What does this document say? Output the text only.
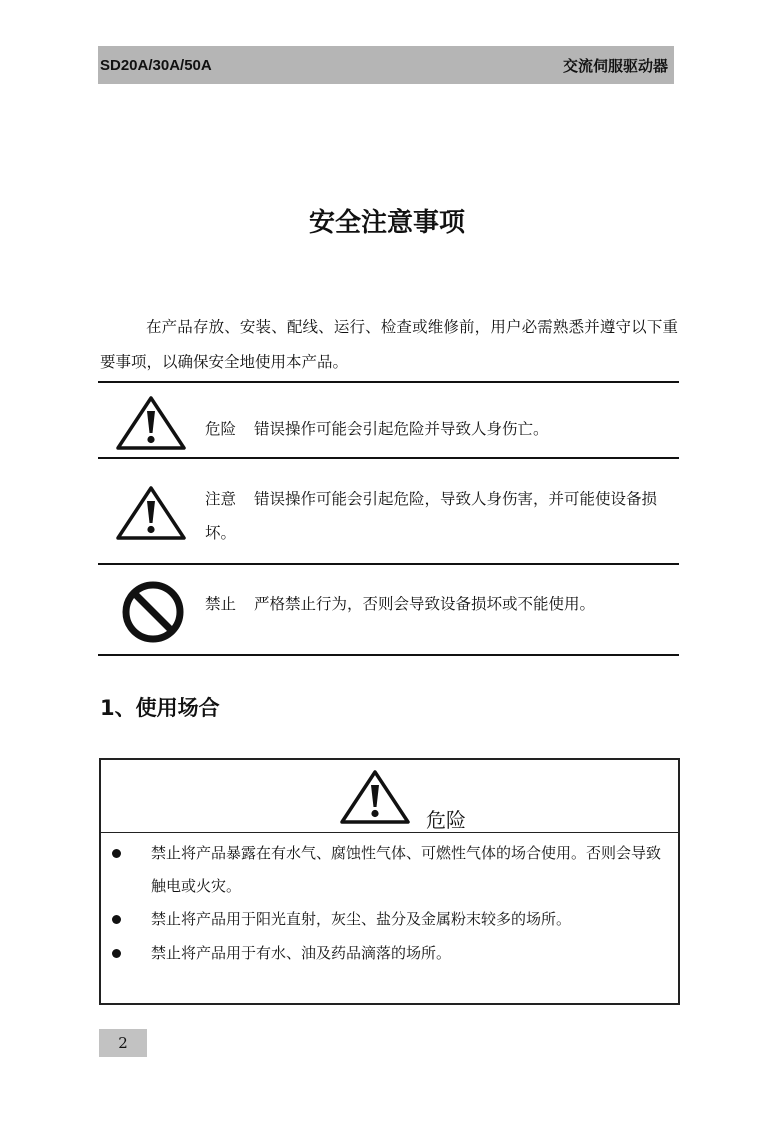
SD20A/30A/50A	交流伺服驱动器
安全注意事项

在产品存放、安装、配线、运行、检查或维修前，用户必需熟悉并遵守以下重要事项，以确保安全地使用本产品。

危险 错误操作可能会引起危险并导致人身伤亡。
注意 错误操作可能会引起危险，导致人身伤害，并可能使设备损坏。
禁止 严格禁止行为，否则会导致设备损坏或不能使用。
1、使用场合
危险
禁止将产品暴露在有水气、腐蚀性气体、可燃性气体的场合使用。否则会导致触电或火灾。
禁止将产品用于阳光直射，灰尘、盐分及金属粉末较多的场所。
禁止将产品用于有水、油及药品滴落的场所。
2
